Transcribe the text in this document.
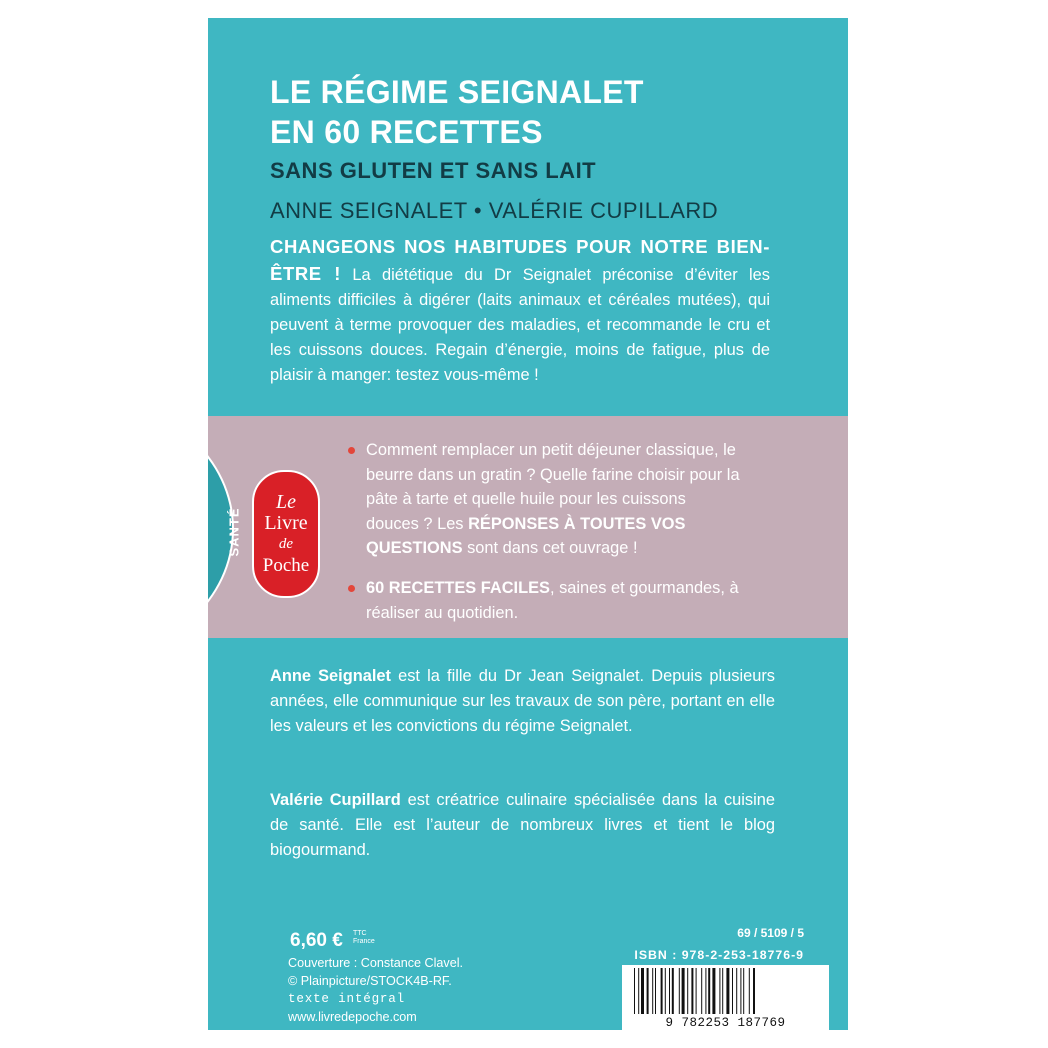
LE RÉGIME SEIGNALET
EN 60 RECETTES
SANS GLUTEN ET SANS LAIT
ANNE SEIGNALET • VALÉRIE CUPILLARD
CHANGEONS NOS HABITUDES POUR NOTRE BIEN-ÊTRE ! La diététique du Dr Seignalet préconise d’éviter les aliments difficiles à digérer (laits animaux et céréales mutées), qui peuvent à terme provoquer des maladies, et recommande le cru et les cuissons douces. Regain d’énergie, moins de fatigue, plus de plaisir à manger: testez vous-même !
SANTÉ
Le
Livre
de
Poche
Comment remplacer un petit déjeuner classique, le beurre dans un gratin ? Quelle farine choisir pour la pâte à tarte et quelle huile pour les cuissons douces ? Les RÉPONSES À TOUTES VOS QUESTIONS sont dans cet ouvrage !
60 RECETTES FACILES, saines et gourmandes, à réaliser au quotidien.
Anne Seignalet est la fille du Dr Jean Seignalet. Depuis plusieurs années, elle communique sur les travaux de son père, portant en elle les valeurs et les convictions du régime Seignalet.
Valérie Cupillard est créatrice culinaire spécialisée dans la cuisine de santé. Elle est l’auteur de nombreux livres et tient le blog biogourmand.
6,60 € TTC
France
Couverture : Constance Clavel.
© Plainpicture/STOCK4B-RF.
texte intégral
www.livredepoche.com
69 / 5109 / 5
ISBN : 978-2-253-18776-9
9 782253 187769
